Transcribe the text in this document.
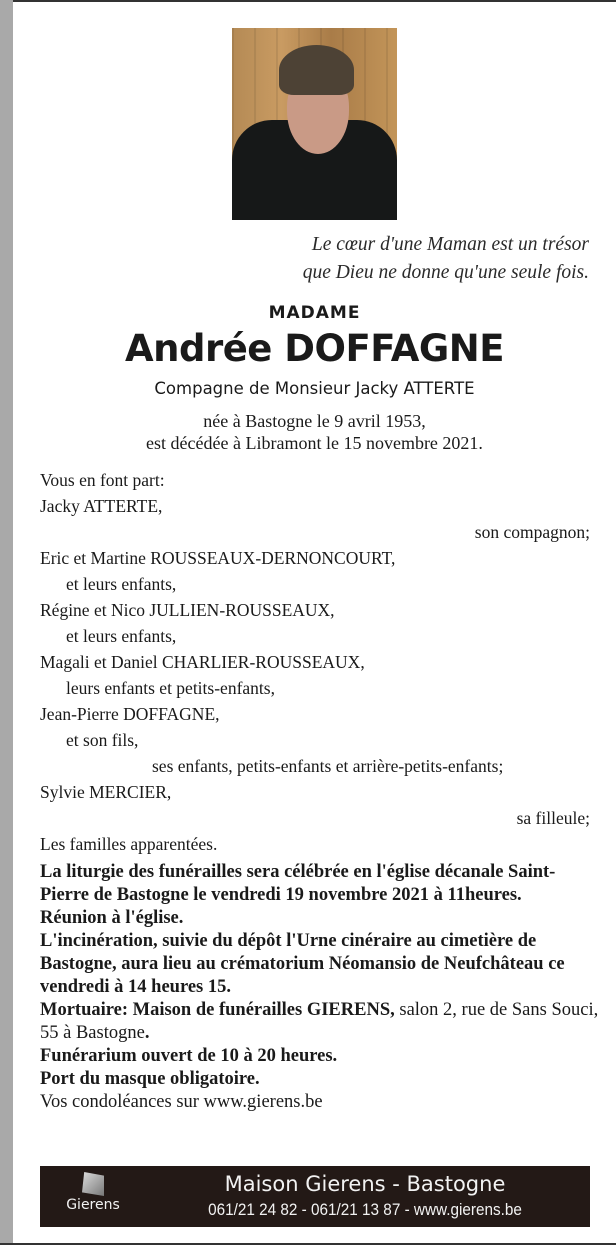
Le cœur d'une Maman est un trésor
que Dieu ne donne qu'une seule fois.
MADAME
Andrée DOFFAGNE
Compagne de Monsieur Jacky ATTERTE
née à Bastogne le 9 avril 1953,
est décédée à Libramont le 15 novembre 2021.
Vous en font part:
Jacky ATTERTE,
son compagnon;
Eric et Martine ROUSSEAUX-DERNONCOURT,
et leurs enfants,
Régine et Nico JULLIEN-ROUSSEAUX,
et leurs enfants,
Magali et Daniel CHARLIER-ROUSSEAUX,
leurs enfants et petits-enfants,
Jean-Pierre DOFFAGNE,
et son fils,
ses enfants, petits-enfants et arrière-petits-enfants;
Sylvie MERCIER,
sa filleule;
Les familles apparentées.
La liturgie des funérailles sera célébrée en l'église décanale Saint-Pierre de Bastogne le vendredi 19 novembre 2021 à 11heures.
Réunion à l'église.
L'incinération, suivie du dépôt l'Urne cinéraire au cimetière de Bastogne, aura lieu au crématorium Néomansio de Neufchâteau ce vendredi à 14 heures 15.
Mortuaire: Maison de funérailles GIERENS, salon 2, rue de Sans Souci, 55 à Bastogne.
Funérarium ouvert de 10 à 20 heures.
Port du masque obligatoire.
Vos condoléances sur www.gierens.be
Gierens
Maison Gierens - Bastogne
061/21 24 82 - 061/21 13 87 - www.gierens.be
